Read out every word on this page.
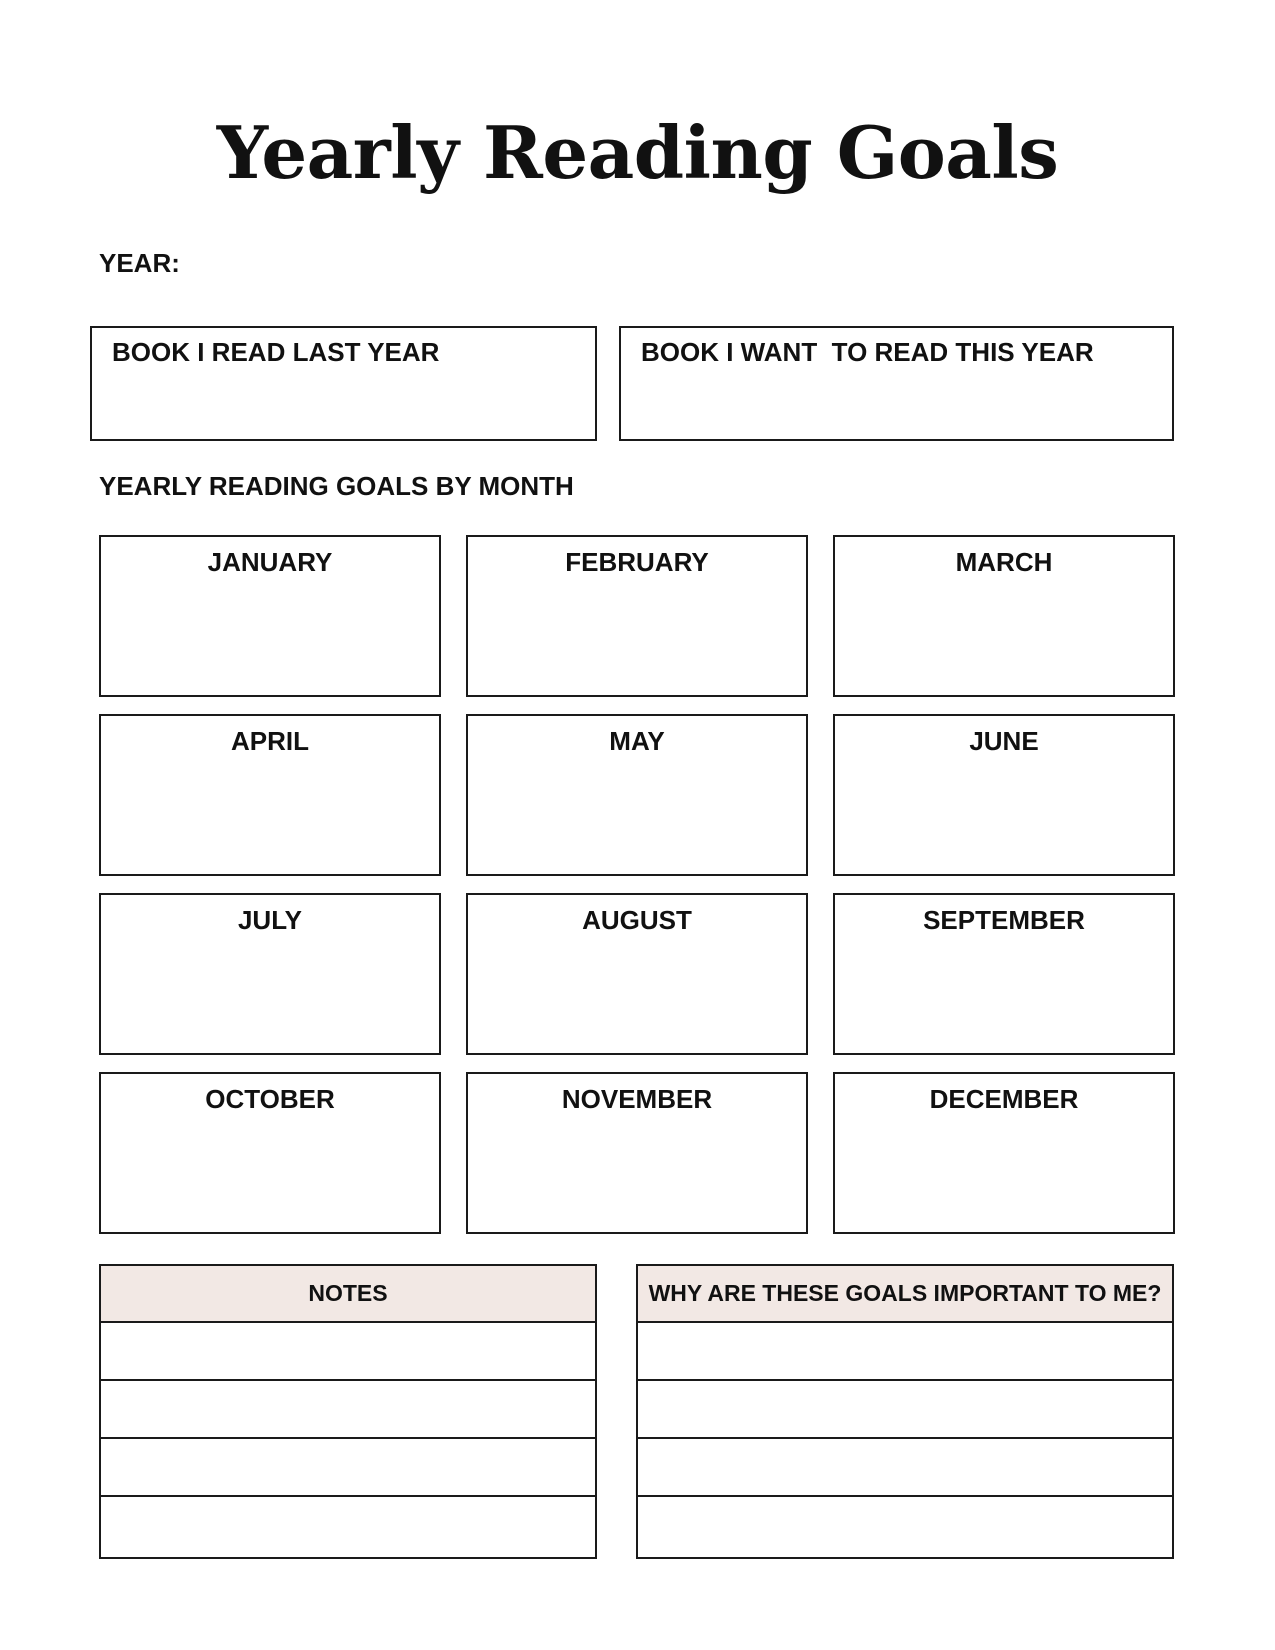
Yearly Reading Goals
YEAR:
BOOK I READ LAST YEAR	BOOK I WANT  TO READ THIS YEAR
YEARLY READING GOALS BY MONTH
JANUARY	FEBRUARY	MARCH
APRIL	MAY	JUNE
JULY	AUGUST	SEPTEMBER
OCTOBER	NOVEMBER	DECEMBER
NOTES	WHY ARE THESE GOALS IMPORTANT TO ME?
